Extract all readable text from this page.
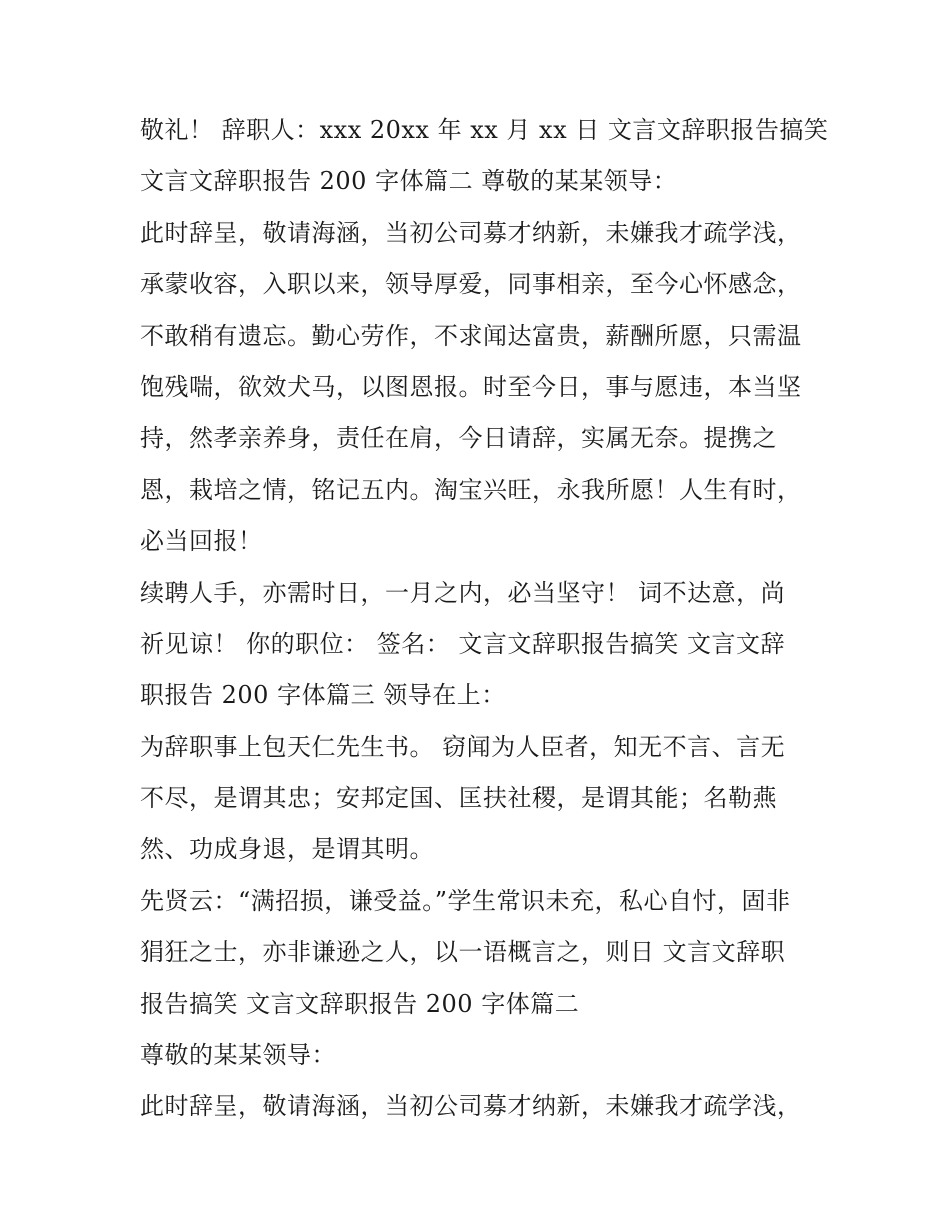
敬礼！ 辞职人：xxx 20xx 年 xx 月 xx 日 文言文辞职报告搞笑
文言文辞职报告 200 字体篇二 尊敬的某某领导：
此时辞呈，敬请海涵，当初公司募才纳新，未嫌我才疏学浅，
承蒙收容，入职以来，领导厚爱，同事相亲，至今心怀感念，
不敢稍有遗忘。勤心劳作，不求闻达富贵，薪酬所愿，只需温
饱残喘，欲效犬马，以图恩报。时至今日，事与愿违，本当坚
持，然孝亲养身，责任在肩，今日请辞，实属无奈。提携之
恩，栽培之情，铭记五内。淘宝兴旺，永我所愿！人生有时，
必当回报！
续聘人手，亦需时日，一月之内，必当坚守！ 词不达意，尚
祈见谅！ 你的职位： 签名： 文言文辞职报告搞笑 文言文辞
职报告 200 字体篇三 领导在上：
为辞职事上包天仁先生书。 窃闻为人臣者，知无不言、言无
不尽，是谓其忠；安邦定国、匡扶社稷，是谓其能；名勒燕
然、功成身退，是谓其明。
先贤云：“满招损，谦受益。”学生常识未充，私心自忖，固非
狷狂之士，亦非谦逊之人，以一语概言之，则日 文言文辞职
报告搞笑 文言文辞职报告 200 字体篇二
尊敬的某某领导：
此时辞呈，敬请海涵，当初公司募才纳新，未嫌我才疏学浅，
